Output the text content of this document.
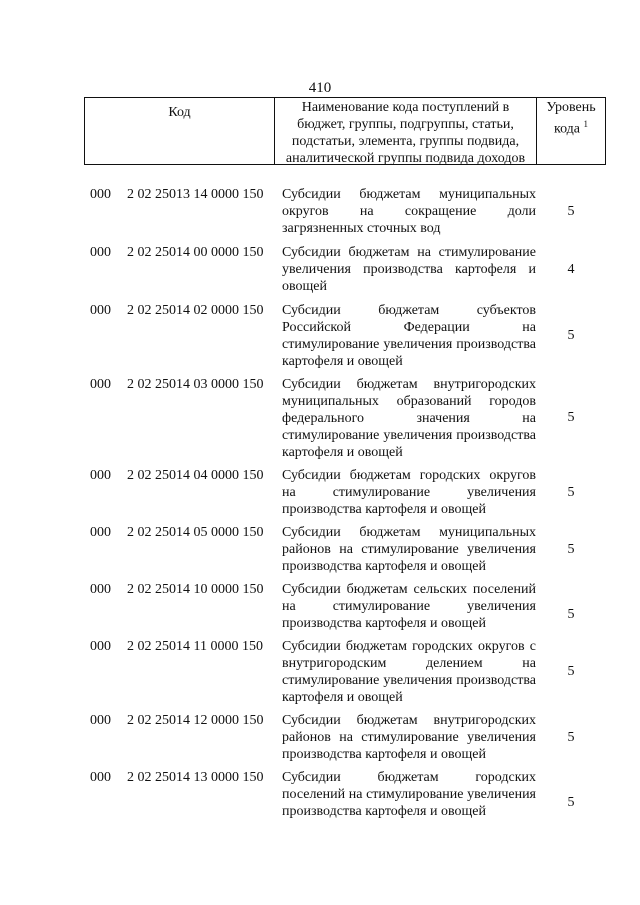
410
Код	Наименование кода поступлений в
бюджет, группы, подгруппы, статьи,
подстатьи, элемента, группы подвида,
аналитической группы подвида доходов
Уровень
кода $^1$
000 2 02 25013 14 0000 150 Субсидии бюджетам муниципальных округов на сокращение доли загрязненных сточных вод
5
000 2 02 25014 00 0000 150 Субсидии бюджетам на стимулирование увеличения производства картофеля и овощей
4
000 2 02 25014 02 0000 150 Субсидии бюджетам субъектов Российской Федерации на стимулирование увеличения производства картофеля и овощей
5
000 2 02 25014 03 0000 150 Субсидии бюджетам внутригородских муниципальных образований городов федерального значения на стимулирование увеличения производства картофеля и овощей
5
000 2 02 25014 04 0000 150 Субсидии бюджетам городских округов на стимулирование увеличения производства картофеля и овощей
5
000 2 02 25014 05 0000 150 Субсидии бюджетам муниципальных районов на стимулирование увеличения производства картофеля и овощей
5
000 2 02 25014 10 0000 150 Субсидии бюджетам сельских поселений на стимулирование увеличения производства картофеля и овощей
5
000 2 02 25014 11 0000 150 Субсидии бюджетам городских округов с внутригородским делением на стимулирование увеличения производства картофеля и овощей
5
000 2 02 25014 12 0000 150 Субсидии бюджетам внутригородских районов на стимулирование увеличения производства картофеля и овощей
5
000 2 02 25014 13 0000 150 Субсидии бюджетам городских поселений на стимулирование увеличения производства картофеля и овощей
5
